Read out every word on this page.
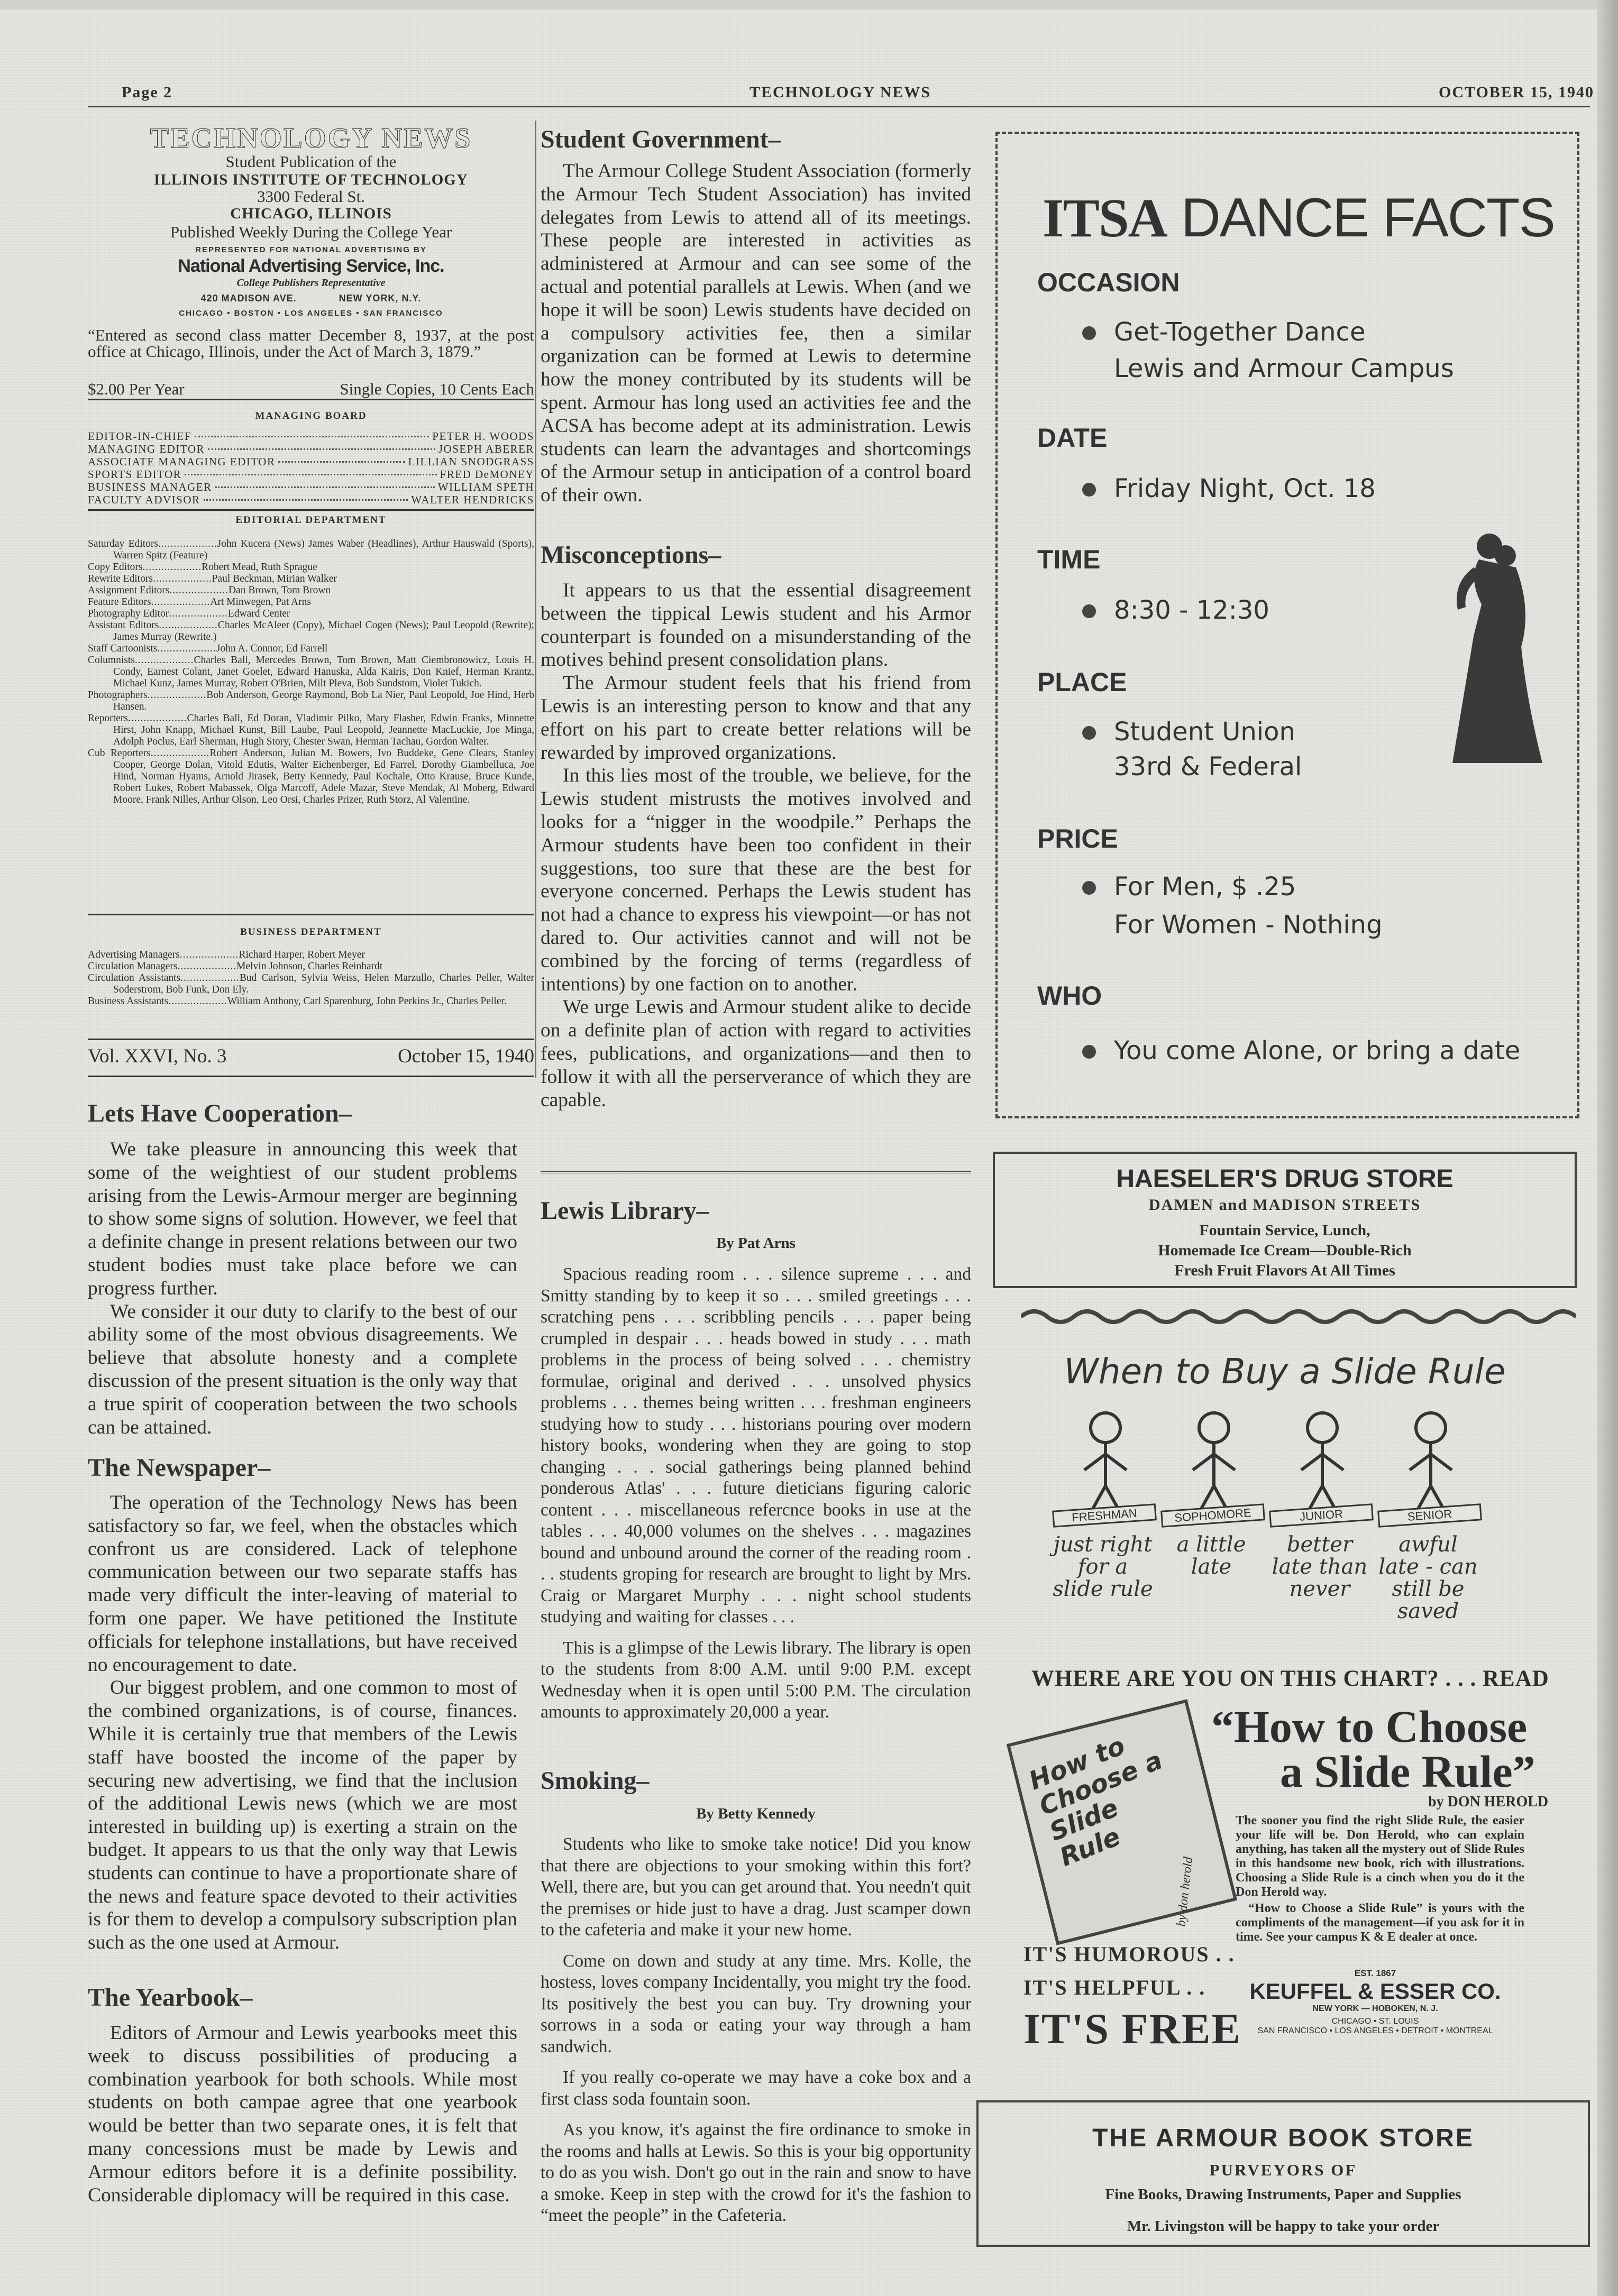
Page 2	TECHNOLOGY NEWS	OCTOBER 15, 1940
TECHNOLOGY NEWS
Student Publication of the
ILLINOIS INSTITUTE OF TECHNOLOGY
3300 Federal St.
CHICAGO, ILLINOIS
Published Weekly During the College Year
REPRESENTED FOR NATIONAL ADVERTISING BY
National Advertising Service, Inc.
College Publishers Representative
420 MADISON AVE.	NEW YORK, N.Y.
CHICAGO • BOSTON • LOS ANGELES • SAN FRANCISCO
“Entered as second class matter December 8, 1937, at the post office at Chicago, Illinois, under the Act of March 3, 1879.”
$2.00 Per Year	Single Copies, 10 Cents Each
MANAGING BOARD
EDITOR-IN-CHIEF	PETER H. WOODS
MANAGING EDITOR	JOSEPH ABERER
ASSOCIATE MANAGING EDITOR	LILLIAN SNODGRASS
SPORTS EDITOR	FRED DeMONEY
BUSINESS MANAGER	WILLIAM SPETH
FACULTY ADVISOR	WALTER HENDRICKS
EDITORIAL DEPARTMENT

Saturday Editors .....	John Kucera (News) James Waber (Headlines), Arthur Hauswald (Sports), Warren Spitz (Feature)

Copy Editors .....	Robert Mead, Ruth Sprague

Rewrite Editors .....	Paul Beckman, Mirian Walker

Assignment Editors .....	Dan Brown, Tom Brown

Feature Editors .....	Art Minwegen, Pat Arns

Photography Editor .....	Edward Center

Assistant Editors .....	Charles McAleer (Copy), Michael Cogen (News); Paul Leopold (Rewrite); James Murray (Rewrite.)

Staff Cartoonists .....	John A. Connor, Ed Farrell

Columnists .....	Charles Ball, Mercedes Brown, Tom Brown, Matt Ciembronowicz, Louis H. Condy, Earnest Colant, Janet Goelet, Edward Hanuska, Alda Kairis, Don Knief, Herman Krantz, Michael Kunz, James Murray, Robert O'Brien, Milt Pleva, Bob Sundstom, Violet Tukich.

Photographers .....	Bob Anderson, George Raymond, Bob La Nier, Paul Leopold, Joe Hind, Herb Hansen.

Reporters .....	Charles Ball, Ed Doran, Vladimir Pilko, Mary Flasher, Edwin Franks, Minnette Hirst, John Knapp, Michael Kunst, Bill Laube, Paul Leopold, Jeannette MacLuckie, Joe Minga, Adolph Poclus, Earl Sherman, Hugh Story, Chester Swan, Herman Tachau, Gordon Walter.

Cub Reporters .....	Robert Anderson, Julian M. Bowers, Ivo Buddeke, Gene Clears, Stanley Cooper, George Dolan, Vitold Edutis, Walter Eichenberger, Ed Farrel, Dorothy Giambelluca, Joe Hind, Norman Hyams, Arnold Jirasek, Betty Kennedy, Paul Kochale, Otto Krause, Bruce Kunde, Robert Lukes, Robert Mabassek, Olga Marcoff, Adele Mazar, Steve Mendak, Al Moberg, Edward Moore, Frank Nilles, Arthur Olson, Leo Orsi, Charles Prizer, Ruth Storz, Al Valentine.

BUSINESS DEPARTMENT

Advertising Managers .....	Richard Harper, Robert Meyer

Circulation Managers .....	Melvin Johnson, Charles Reinhardt

Circulation Assistants .....	Bud Carlson, Sylvia Weiss, Helen Marzullo, Charles Peller, Walter Soderstrom, Bob Funk, Don Ely.

Business Assistants .....	William Anthony, Carl Sparenburg, John Perkins Jr., Charles Peller.

Vol. XXVI, No. 3	October 15, 1940
Lets Have Cooperation–

We take pleasure in announcing this week that some of the weightiest of our student problems arising from the Lewis-Armour merger are beginning to show some signs of solution. However, we feel that a definite change in present relations between our two student bodies must take place before we can progress further.

We consider it our duty to clarify to the best of our ability some of the most obvious disagreements. We believe that absolute honesty and a complete discussion of the present situation is the only way that a true spirit of cooperation between the two schools can be attained.

The Newspaper–

The operation of the Technology News has been satisfactory so far, we feel, when the obstacles which confront us are considered. Lack of telephone communication between our two separate staffs has made very difficult the inter-leaving of material to form one paper. We have petitioned the Institute officials for telephone installations, but have received no encouragement to date.

Our biggest problem, and one common to most of the combined organizations, is of course, finances. While it is certainly true that members of the Lewis staff have boosted the income of the paper by securing new advertising, we find that the inclusion of the additional Lewis news (which we are most interested in building up) is exerting a strain on the budget. It appears to us that the only way that Lewis students can continue to have a proportionate share of the news and feature space devoted to their activities is for them to develop a compulsory subscription plan such as the one used at Armour.

The Yearbook–

Editors of Armour and Lewis yearbooks meet this week to discuss possibilities of producing a combination yearbook for both schools. While most students on both campae agree that one yearbook would be better than two separate ones, it is felt that many concessions must be made by Lewis and Armour editors before it is a definite possibility. Considerable diplomacy will be required in this case.

Student Government–

The Armour College Student Association (formerly the Armour Tech Student Association) has invited delegates from Lewis to attend all of its meetings. These people are interested in activities as administered at Armour and can see some of the actual and potential parallels at Lewis. When (and we hope it will be soon) Lewis students have decided on a compulsory activities fee, then a similar organization can be formed at Lewis to determine how the money contributed by its students will be spent. Armour has long used an activities fee and the ACSA has become adept at its administration. Lewis students can learn the advantages and shortcomings of the Armour setup in anticipation of a control board of their own.

Misconceptions–

It appears to us that the essential disagreement between the tippical Lewis student and his Armor counterpart is founded on a misunderstanding of the motives behind present consolidation plans.

The Armour student feels that his friend from Lewis is an interesting person to know and that any effort on his part to create better relations will be rewarded by improved organizations.

In this lies most of the trouble, we believe, for the Lewis student mistrusts the motives involved and looks for a “nigger in the woodpile.” Perhaps the Armour students have been too confident in their suggestions, too sure that these are the best for everyone concerned. Perhaps the Lewis student has not had a chance to express his viewpoint—or has not dared to. Our activities cannot and will not be combined by the forcing of terms (regardless of intentions) by one faction on to another.

We urge Lewis and Armour student alike to decide on a definite plan of action with regard to activities fees, publications, and organizations—and then to follow it with all the perserverance of which they are capable.

Lewis Library–
By Pat Arns

Spacious reading room . . . silence supreme . . . and Smitty standing by to keep it so . . . smiled greetings . . . scratching pens . . . scribbling pencils . . . paper being crumpled in despair . . . heads bowed in study . . . math problems in the process of being solved . . . chemistry formulae, original and derived . . . unsolved physics problems . . . themes being written . . . freshman engineers studying how to study . . . historians pouring over modern history books, wondering when they are going to stop changing . . . social gatherings being planned behind ponderous Atlas' . . . future dieticians figuring caloric content . . . miscellaneous refercnce books in use at the tables . . . 40,000 volumes on the shelves . . . magazines bound and unbound around the corner of the reading room . . . students groping for research are brought to light by Mrs. Craig or Margaret Murphy . . . night school students studying and waiting for classes . . .

This is a glimpse of the Lewis library. The library is open to the students from 8:00 A.M. until 9:00 P.M. except Wednesday when it is open until 5:00 P.M. The circulation amounts to approximately 20,000 a year.

Smoking–
By Betty Kennedy

Students who like to smoke take notice! Did you know that there are objections to your smoking within this fort? Well, there are, but you can get around that. You needn't quit the premises or hide just to have a drag. Just scamper down to the cafeteria and make it your new home.

Come on down and study at any time. Mrs. Kolle, the hostess, loves company Incidentally, you might try the food. Its positively the best you can buy. Try drowning your sorrows in a soda or eating your way through a ham sandwich.

If you really co-operate we may have a coke box and a first class soda fountain soon.

As you know, it's against the fire ordinance to smoke in the rooms and halls at Lewis. So this is your big opportunity to do as you wish. Don't go out in the rain and snow to have a smoke. Keep in step with the crowd for it's the fashion to “meet the people” in the Cafeteria.

ITSA DANCE FACTS
OCCASION
Get-Together Dance
Lewis and Armour Campus
DATE
Friday Night, Oct. 18
TIME
8:30 - 12:30
PLACE
Student Union
33rd & Federal
PRICE
For Men, $ .25
For Women - Nothing
WHO
You come Alone, or bring a date
HAESELER'S DRUG STORE
DAMEN and MADISON STREETS
Fountain Service, Lunch,
Homemade Ice Cream—Double-Rich
Fresh Fruit Flavors At All Times
When to Buy a Slide Rule
FRESHMAN
just right for a slide rule
SOPHOMORE
a little late
JUNIOR
better late than never
SENIOR
awful late - can still be saved
WHERE ARE YOU ON THIS CHART? . . . READ
“How to Choose
a Slide Rule”
by DON HEROLD

The sooner you find the right Slide Rule, the easier your life will be. Don Herold, who can explain anything, has taken all the mystery out of Slide Rules in this handsome new book, rich with illustrations. Choosing a Slide Rule is a cinch when you do it the Don Herold way.

“How to Choose a Slide Rule” is yours with the compliments of the management—if you ask for it in time. See your campus K & E dealer at once.

How to Choose a Slide Rule
by don herold
IT'S HUMOROUS . .
IT'S HELPFUL . .
IT'S FREE
EST. 1867
KEUFFEL & ESSER CO.
NEW YORK — HOBOKEN, N. J.
CHICAGO • ST. LOUIS
SAN FRANCISCO • LOS ANGELES • DETROIT • MONTREAL
THE ARMOUR BOOK STORE
PURVEYORS OF
Fine Books, Drawing Instruments, Paper and Supplies
Mr. Livingston will be happy to take your order
